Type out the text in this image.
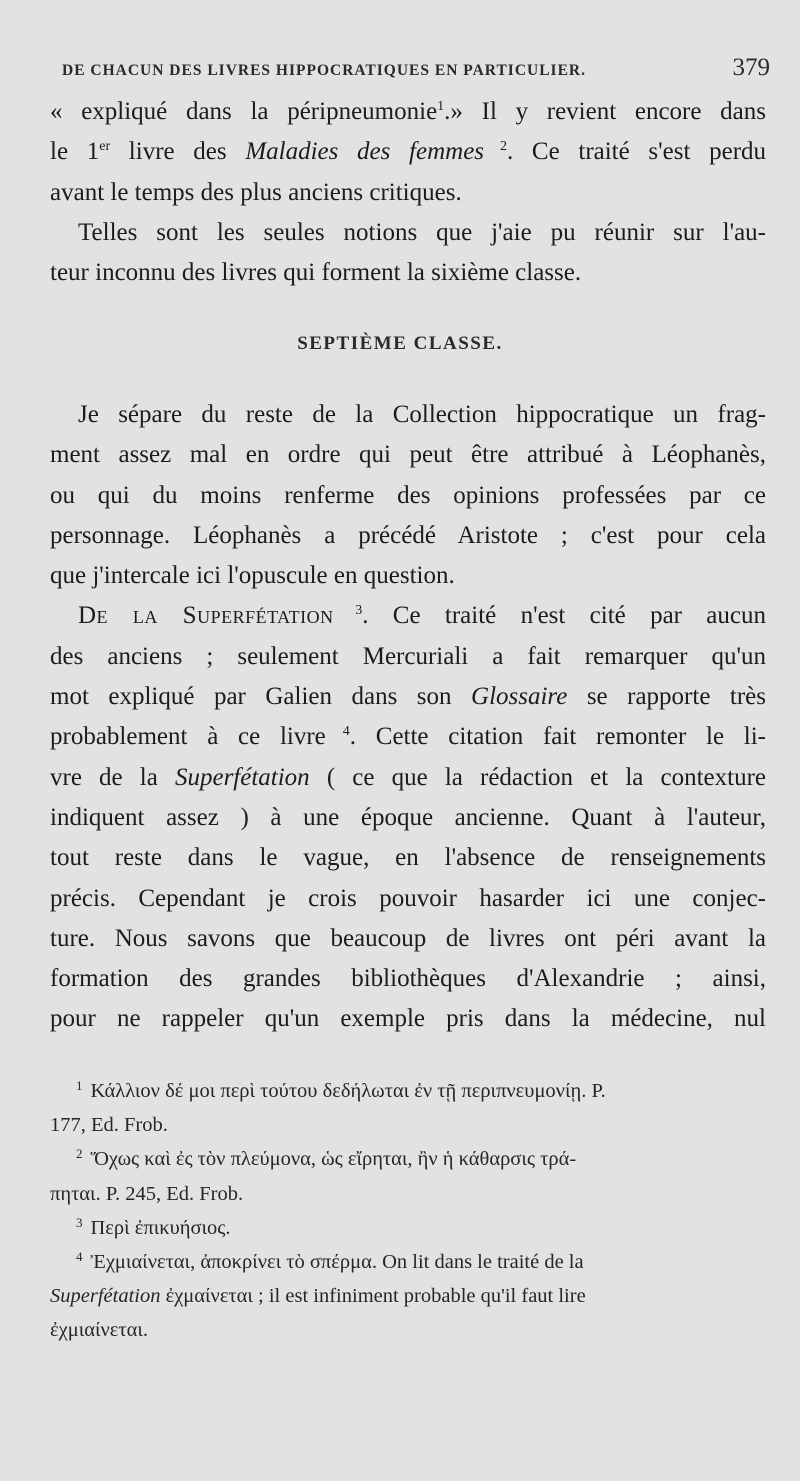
DE CHACUN DES LIVRES HIPPOCRATIQUES EN PARTICULIER.	379

« expliqué dans la péripneumonie$^1$.» Il y revient encore dans
le 1er livre des Maladies des femmes $^2$. Ce traité s'est perdu
avant le temps des plus anciens critiques.

Telles sont les seules notions que j'aie pu réunir sur l'au-
teur inconnu des livres qui forment la sixième classe.

SEPTIÈME CLASSE.

Je sépare du reste de la Collection hippocratique un frag-
ment assez mal en ordre qui peut être attribué à Léophanès,
ou qui du moins renferme des opinions professées par ce
personnage. Léophanès a précédé Aristote ; c'est pour cela
que j'intercale ici l'opuscule en question.

De la Superfétation $^3$. Ce traité n'est cité par aucun
des anciens ; seulement Mercuriali a fait remarquer qu'un
mot expliqué par Galien dans son Glossaire se rapporte très
probablement à ce livre $^4$. Cette citation fait remonter le li-
vre de la Superfétation ( ce que la rédaction et la contexture
indiquent assez ) à une époque ancienne. Quant à l'auteur,
tout reste dans le vague, en l'absence de renseignements
précis. Cependant je crois pouvoir hasarder ici une conjec-
ture. Nous savons que beaucoup de livres ont péri avant la
formation des grandes bibliothèques d'Alexandrie ; ainsi,
pour ne rappeler qu'un exemple pris dans la médecine, nul

$^1$ Κάλλιον δέ μοι περὶ τούτου δεδήλωται ἐν τῇ περιπνευμονίῃ. P.
177, Ed. Frob.
$^2$ Ὅχως καὶ ἐς τὸν πλεύμονα, ὡς εἴρηται, ἢν ἡ κάθαρσις τρά-
πηται. P. 245, Ed. Frob.
$^3$ Περὶ ἐπικυήσιος.
$^4$ Ἐχμιαίνεται, ἀποκρίνει τὸ σπέρμα. On lit dans le traité de la
Superfétation ἐχμαίνεται ; il est infiniment probable qu'il faut lire
ἐχμιαίνεται.
